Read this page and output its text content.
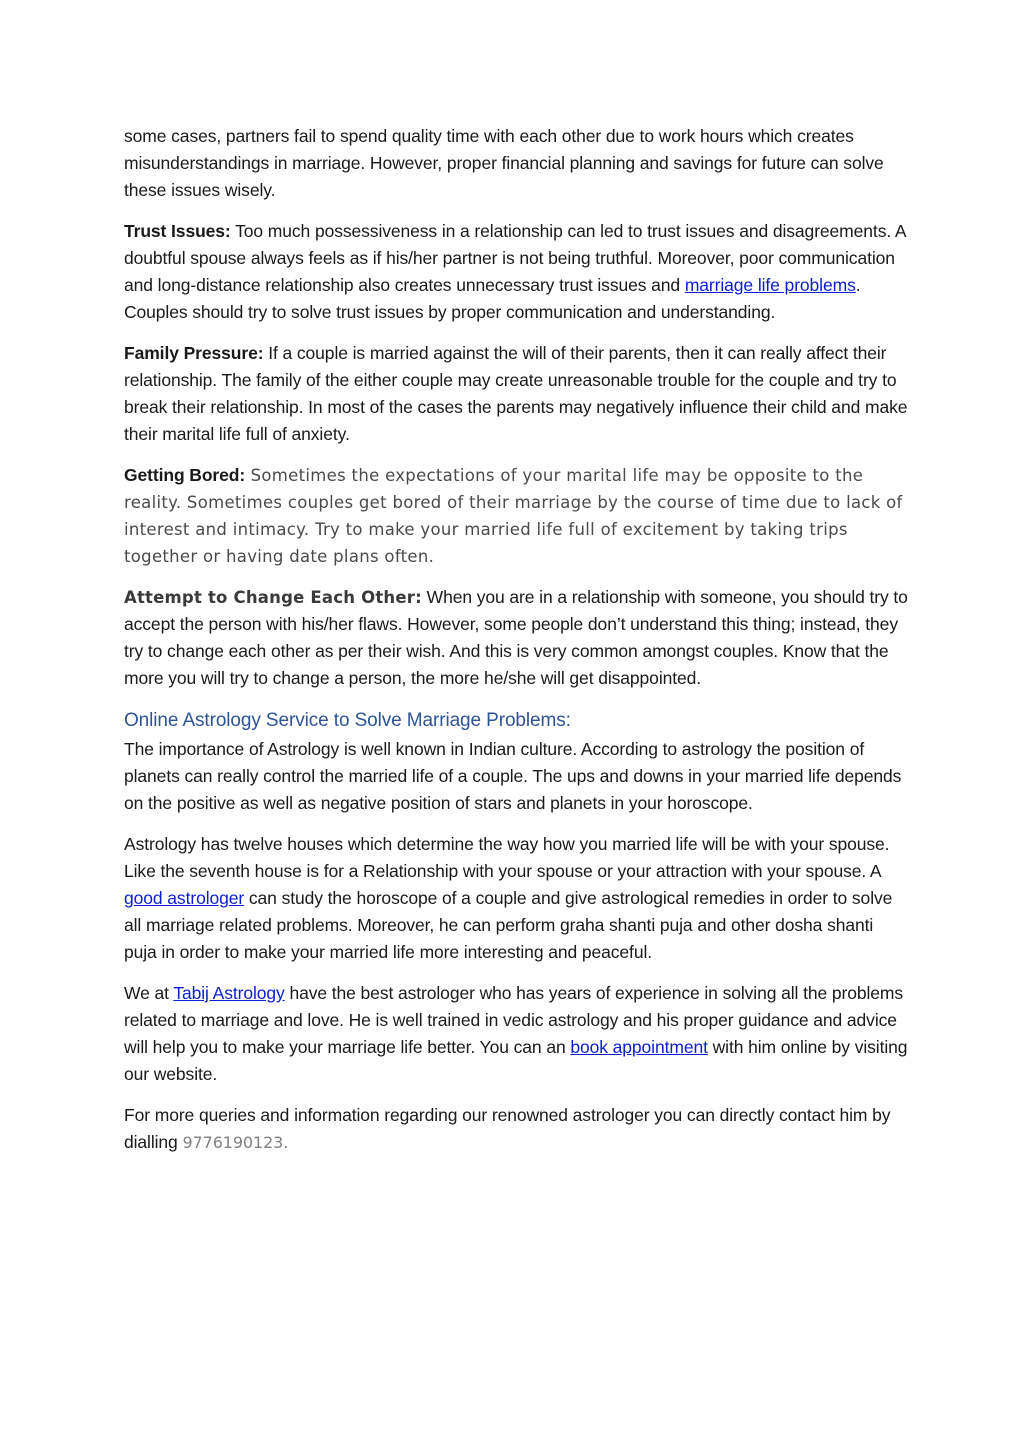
some cases, partners fail to spend quality time with each other due to work hours which creates misunderstandings in marriage. However, proper financial planning and savings for future can solve these issues wisely.

Trust Issues: Too much possessiveness in a relationship can led to trust issues and disagreements. A doubtful spouse always feels as if his/her partner is not being truthful. Moreover, poor communication and long-distance relationship also creates unnecessary trust issues and marriage life problems. Couples should try to solve trust issues by proper communication and understanding.

Family Pressure: If a couple is married against the will of their parents, then it can really affect their relationship. The family of the either couple may create unreasonable trouble for the couple and try to break their relationship. In most of the cases the parents may negatively influence their child and make their marital life full of anxiety.

Getting Bored: Sometimes the expectations of your marital life may be opposite to the reality. Sometimes couples get bored of their marriage by the course of time due to lack of interest and intimacy. Try to make your married life full of excitement by taking trips together or having date plans often.

Attempt to Change Each Other: When you are in a relationship with someone, you should try to accept the person with his/her flaws. However, some people don’t understand this thing; instead, they try to change each other as per their wish. And this is very common amongst couples. Know that the more you will try to change a person, the more he/she will get disappointed.

Online Astrology Service to Solve Marriage Problems:

The importance of Astrology is well known in Indian culture. According to astrology the position of planets can really control the married life of a couple. The ups and downs in your married life depends on the positive as well as negative position of stars and planets in your horoscope.

Astrology has twelve houses which determine the way how you married life will be with your spouse. Like the seventh house is for a Relationship with your spouse or your attraction with your spouse. A good astrologer can study the horoscope of a couple and give astrological remedies in order to solve all marriage related problems. Moreover, he can perform graha shanti puja and other dosha shanti puja in order to make your married life more interesting and peaceful.

We at Tabij Astrology have the best astrologer who has years of experience in solving all the problems related to marriage and love. He is well trained in vedic astrology and his proper guidance and advice will help you to make your marriage life better. You can an book appointment with him online by visiting our website.

For more queries and information regarding our renowned astrologer you can directly contact him by dialling 9776190123.
